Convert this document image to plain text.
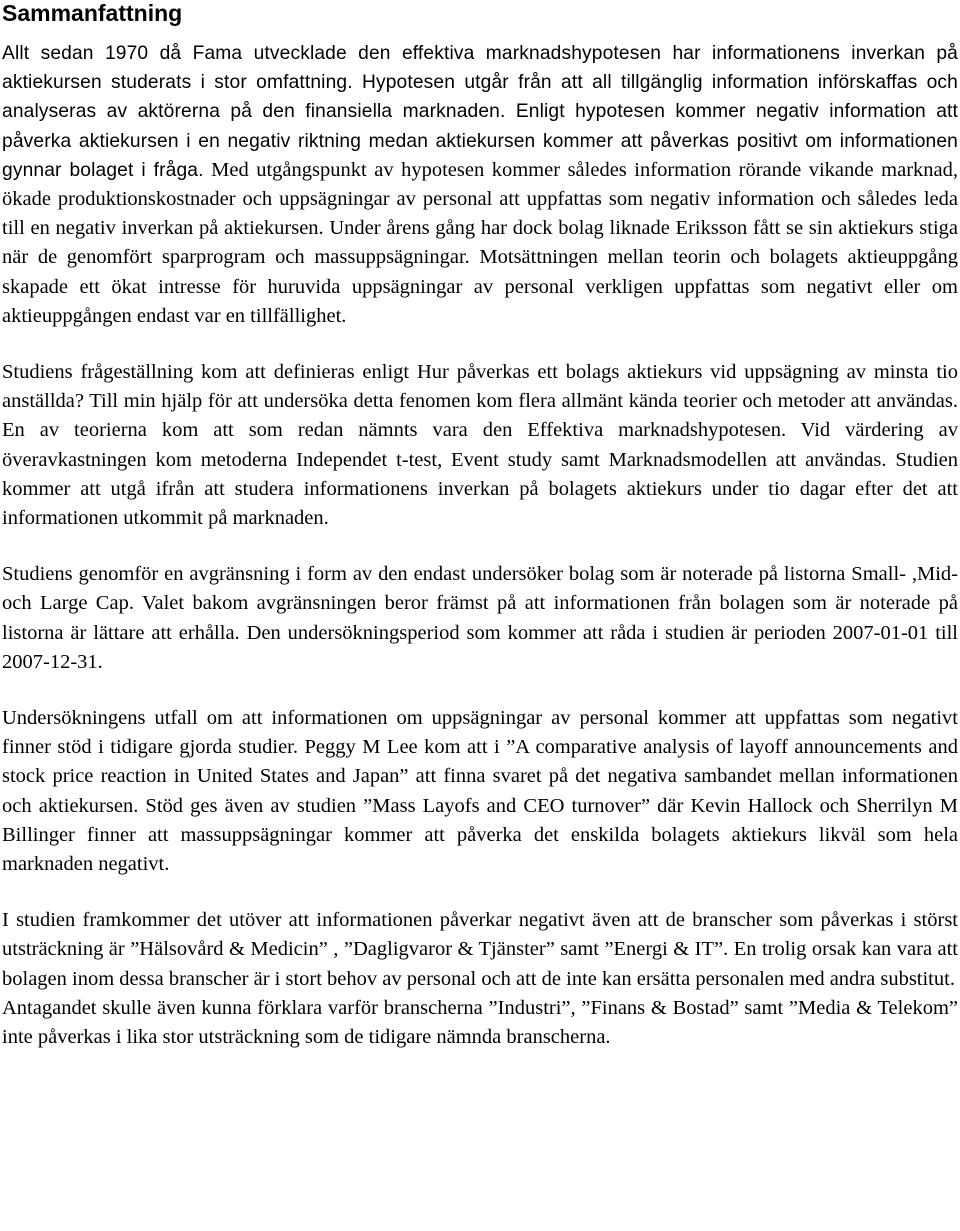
Sammanfattning

Allt sedan 1970 då Fama utvecklade den effektiva marknadshypotesen har informationens inverkan på aktiekursen studerats i stor omfattning. Hypotesen utgår från att all tillgänglig information införskaffas och analyseras av aktörerna på den finansiella marknaden. Enligt hypotesen kommer negativ information att påverka aktiekursen i en negativ riktning medan aktiekursen kommer att påverkas positivt om informationen gynnar bolaget i fråga. Med utgångspunkt av hypotesen kommer således information rörande vikande marknad, ökade produktionskostnader och uppsägningar av personal att uppfattas som negativ information och således leda till en negativ inverkan på aktiekursen. Under årens gång har dock bolag liknade Eriksson fått se sin aktiekurs stiga när de genomfört sparprogram och massuppsägningar. Motsättningen mellan teorin och bolagets aktieuppgång skapade ett ökat intresse för huruvida uppsägningar av personal verkligen uppfattas som negativt eller om aktieuppgången endast var en tillfällighet.

Studiens frågeställning kom att definieras enligt Hur påverkas ett bolags aktiekurs vid uppsägning av minsta tio anställda? Till min hjälp för att undersöka detta fenomen kom flera allmänt kända teorier och metoder att användas. En av teorierna kom att som redan nämnts vara den Effektiva marknadshypotesen. Vid värdering av överavkastningen kom metoderna Independet t-test, Event study samt Marknadsmodellen att användas. Studien kommer att utgå ifrån att studera informationens inverkan på bolagets aktiekurs under tio dagar efter det att informationen utkommit på marknaden.

Studiens genomför en avgränsning i form av den endast undersöker bolag som är noterade på listorna Small- ,Mid- och Large Cap. Valet bakom avgränsningen beror främst på att informationen från bolagen som är noterade på listorna är lättare att erhålla. Den undersökningsperiod som kommer att råda i studien är perioden 2007-01-01 till 2007-12-31.

Undersökningens utfall om att informationen om uppsägningar av personal kommer att uppfattas som negativt finner stöd i tidigare gjorda studier. Peggy M Lee kom att i ”A comparative analysis of layoff announcements and stock price reaction in United States and Japan” att finna svaret på det negativa sambandet mellan informationen och aktiekursen. Stöd ges även av studien ”Mass Layofs and CEO turnover” där Kevin Hallock och Sherrilyn M Billinger finner att massuppsägningar kommer att påverka det enskilda bolagets aktiekurs likväl som hela marknaden negativt.

I studien framkommer det utöver att informationen påverkar negativt även att de branscher som påverkas i störst utsträckning är ”Hälsovård & Medicin” , ”Dagligvaror & Tjänster” samt ”Energi & IT”. En trolig orsak kan vara att bolagen inom dessa branscher är i stort behov av personal och att de inte kan ersätta personalen med andra substitut.

Antagandet skulle även kunna förklara varför branscherna ”Industri”, ”Finans & Bostad” samt ”Media & Telekom” inte påverkas i lika stor utsträckning som de tidigare nämnda branscherna.
